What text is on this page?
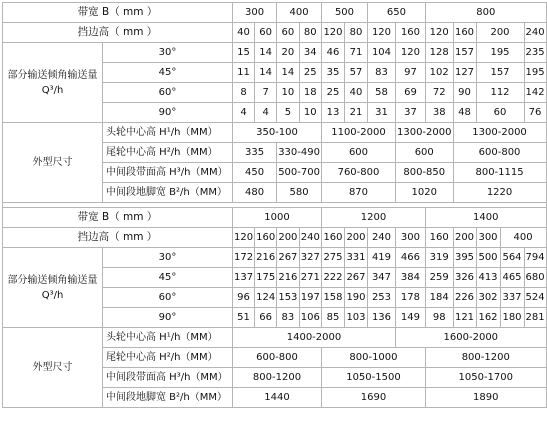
带宽 B（ mm ）		300		400		500		650		800				
挡边高（ mm ）		40	60	60	80	120	80	120	160	120	160	200		240
部分输送倾角输送量 Q³/h	30°	15	14	20	34	46	71	104	120	128	157	195		235
	45°	11	14	14	25	35	57	83	97	102	127	157		195
	60°	8	7	10	18	25	40	58	69	72	90	112		142
	90°	4	4	5	10	13	21	31	37	38	48	60		76
外型尺寸	头轮中心高 H¹/h（MM）	350-100				1100-2000			1300-2000		1300-2000			
	尾轮中心高 H²/h（MM）	335		330-490		600			600		600-800			
	中间段带面高 H³/h（MM）	450		500-700		760-800			800-850		800-1115			
	中间段地脚宽 B²/h（MM）	480		580		870			1020		1220			

带宽 B（ mm ）		1000				1200				1400				
挡边高（ mm ）		120	160	200	240	160	200	240	300	160	200	300	400	
部分输送倾角输送量 Q³/h	30°	172	216	267	327	275	331	419	466	319	395	500	564	794
	45°	137	175	216	271	222	267	347	384	259	326	413	465	680
	60°	96	124	153	197	158	190	253	178	184	226	302	337	524
	90°	51	66	83	106	85	103	136	149	98	121	162	180	281
外型尺寸	头轮中心高 H¹/h（MM）	1400-2000							1600-2000					
	尾轮中心高 H²/h（MM）	600-800				800-1000				800-1200				
	中间段带面高 H³/h（MM）	800-1200				1050-1500				1050-1700				
	中间段地脚宽 B²/h（MM）	1440				1690				1890				
